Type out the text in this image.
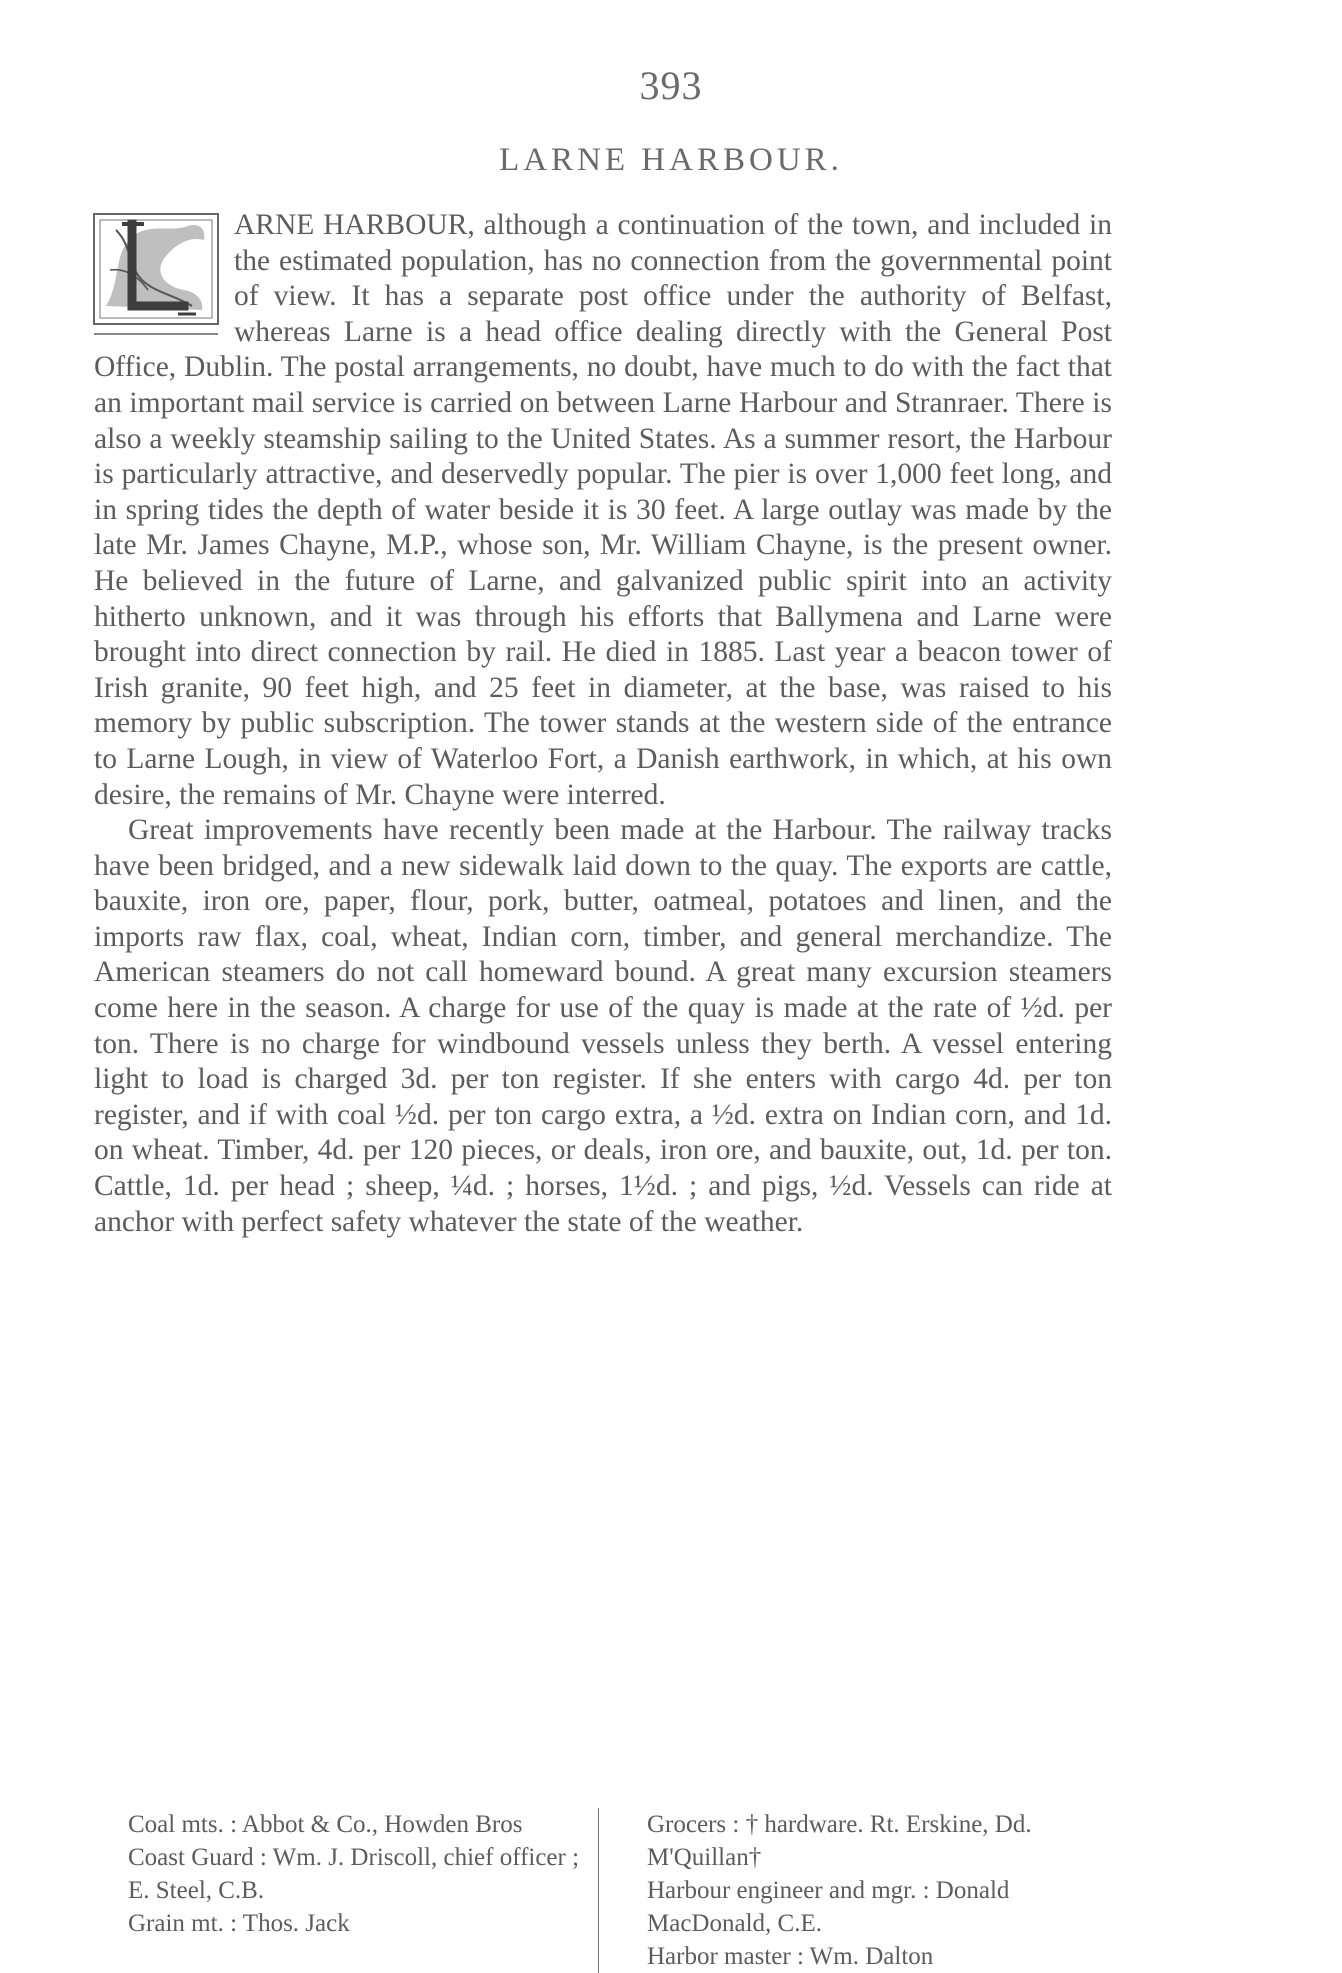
393
LARNE HARBOUR.

ARNE HARBOUR, although a continuation of the town, and included in the estimated population, has no connection from the governmental point of view. It has a separate post office under the authority of Belfast, whereas Larne is a head office dealing directly with the General Post Office, Dublin. The postal arrangements, no doubt, have much to do with the fact that an important mail service is carried on between Larne Harbour and Stranraer. There is also a weekly steamship sailing to the United States. As a summer resort, the Harbour is particularly attractive, and deservedly popular. The pier is over 1,000 feet long, and in spring tides the depth of water beside it is 30 feet. A large outlay was made by the late Mr. James Chayne, M.P., whose son, Mr. William Chayne, is the present owner. He believed in the future of Larne, and galvanized public spirit into an activity hitherto unknown, and it was through his efforts that Ballymena and Larne were brought into direct connection by rail. He died in 1885. Last year a beacon tower of Irish granite, 90 feet high, and 25 feet in diameter, at the base, was raised to his memory by public subscription. The tower stands at the western side of the entrance to Larne Lough, in view of Waterloo Fort, a Danish earthwork, in which, at his own desire, the remains of Mr. Chayne were interred.

Great improvements have recently been made at the Harbour. The railway tracks have been bridged, and a new sidewalk laid down to the quay. The exports are cattle, bauxite, iron ore, paper, flour, pork, butter, oatmeal, potatoes and linen, and the imports raw flax, coal, wheat, Indian corn, timber, and general merchandize. The American steamers do not call homeward bound. A great many excursion steamers come here in the season. A charge for use of the quay is made at the rate of ½d. per ton. There is no charge for windbound vessels unless they berth. A vessel entering light to load is charged 3d. per ton register. If she enters with cargo 4d. per ton register, and if with coal ½d. per ton cargo extra, a ½d. extra on Indian corn, and 1d. on wheat. Timber, 4d. per 120 pieces, or deals, iron ore, and bauxite, out, 1d. per ton. Cattle, 1d. per head ; sheep, ¼d. ; horses, 1½d. ; and pigs, ½d. Vessels can ride at anchor with perfect safety whatever the state of the weather.

Coal mts. : Abbot & Co., Howden Bros

Coast Guard : Wm. J. Driscoll, chief officer ; E. Steel, C.B.

Grain mt. : Thos. Jack

Grocers : † hardware. Rt. Erskine, Dd. M'Quillan†

Harbour engineer and mgr. : Donald MacDonald, C.E.

Harbor master : Wm. Dalton
